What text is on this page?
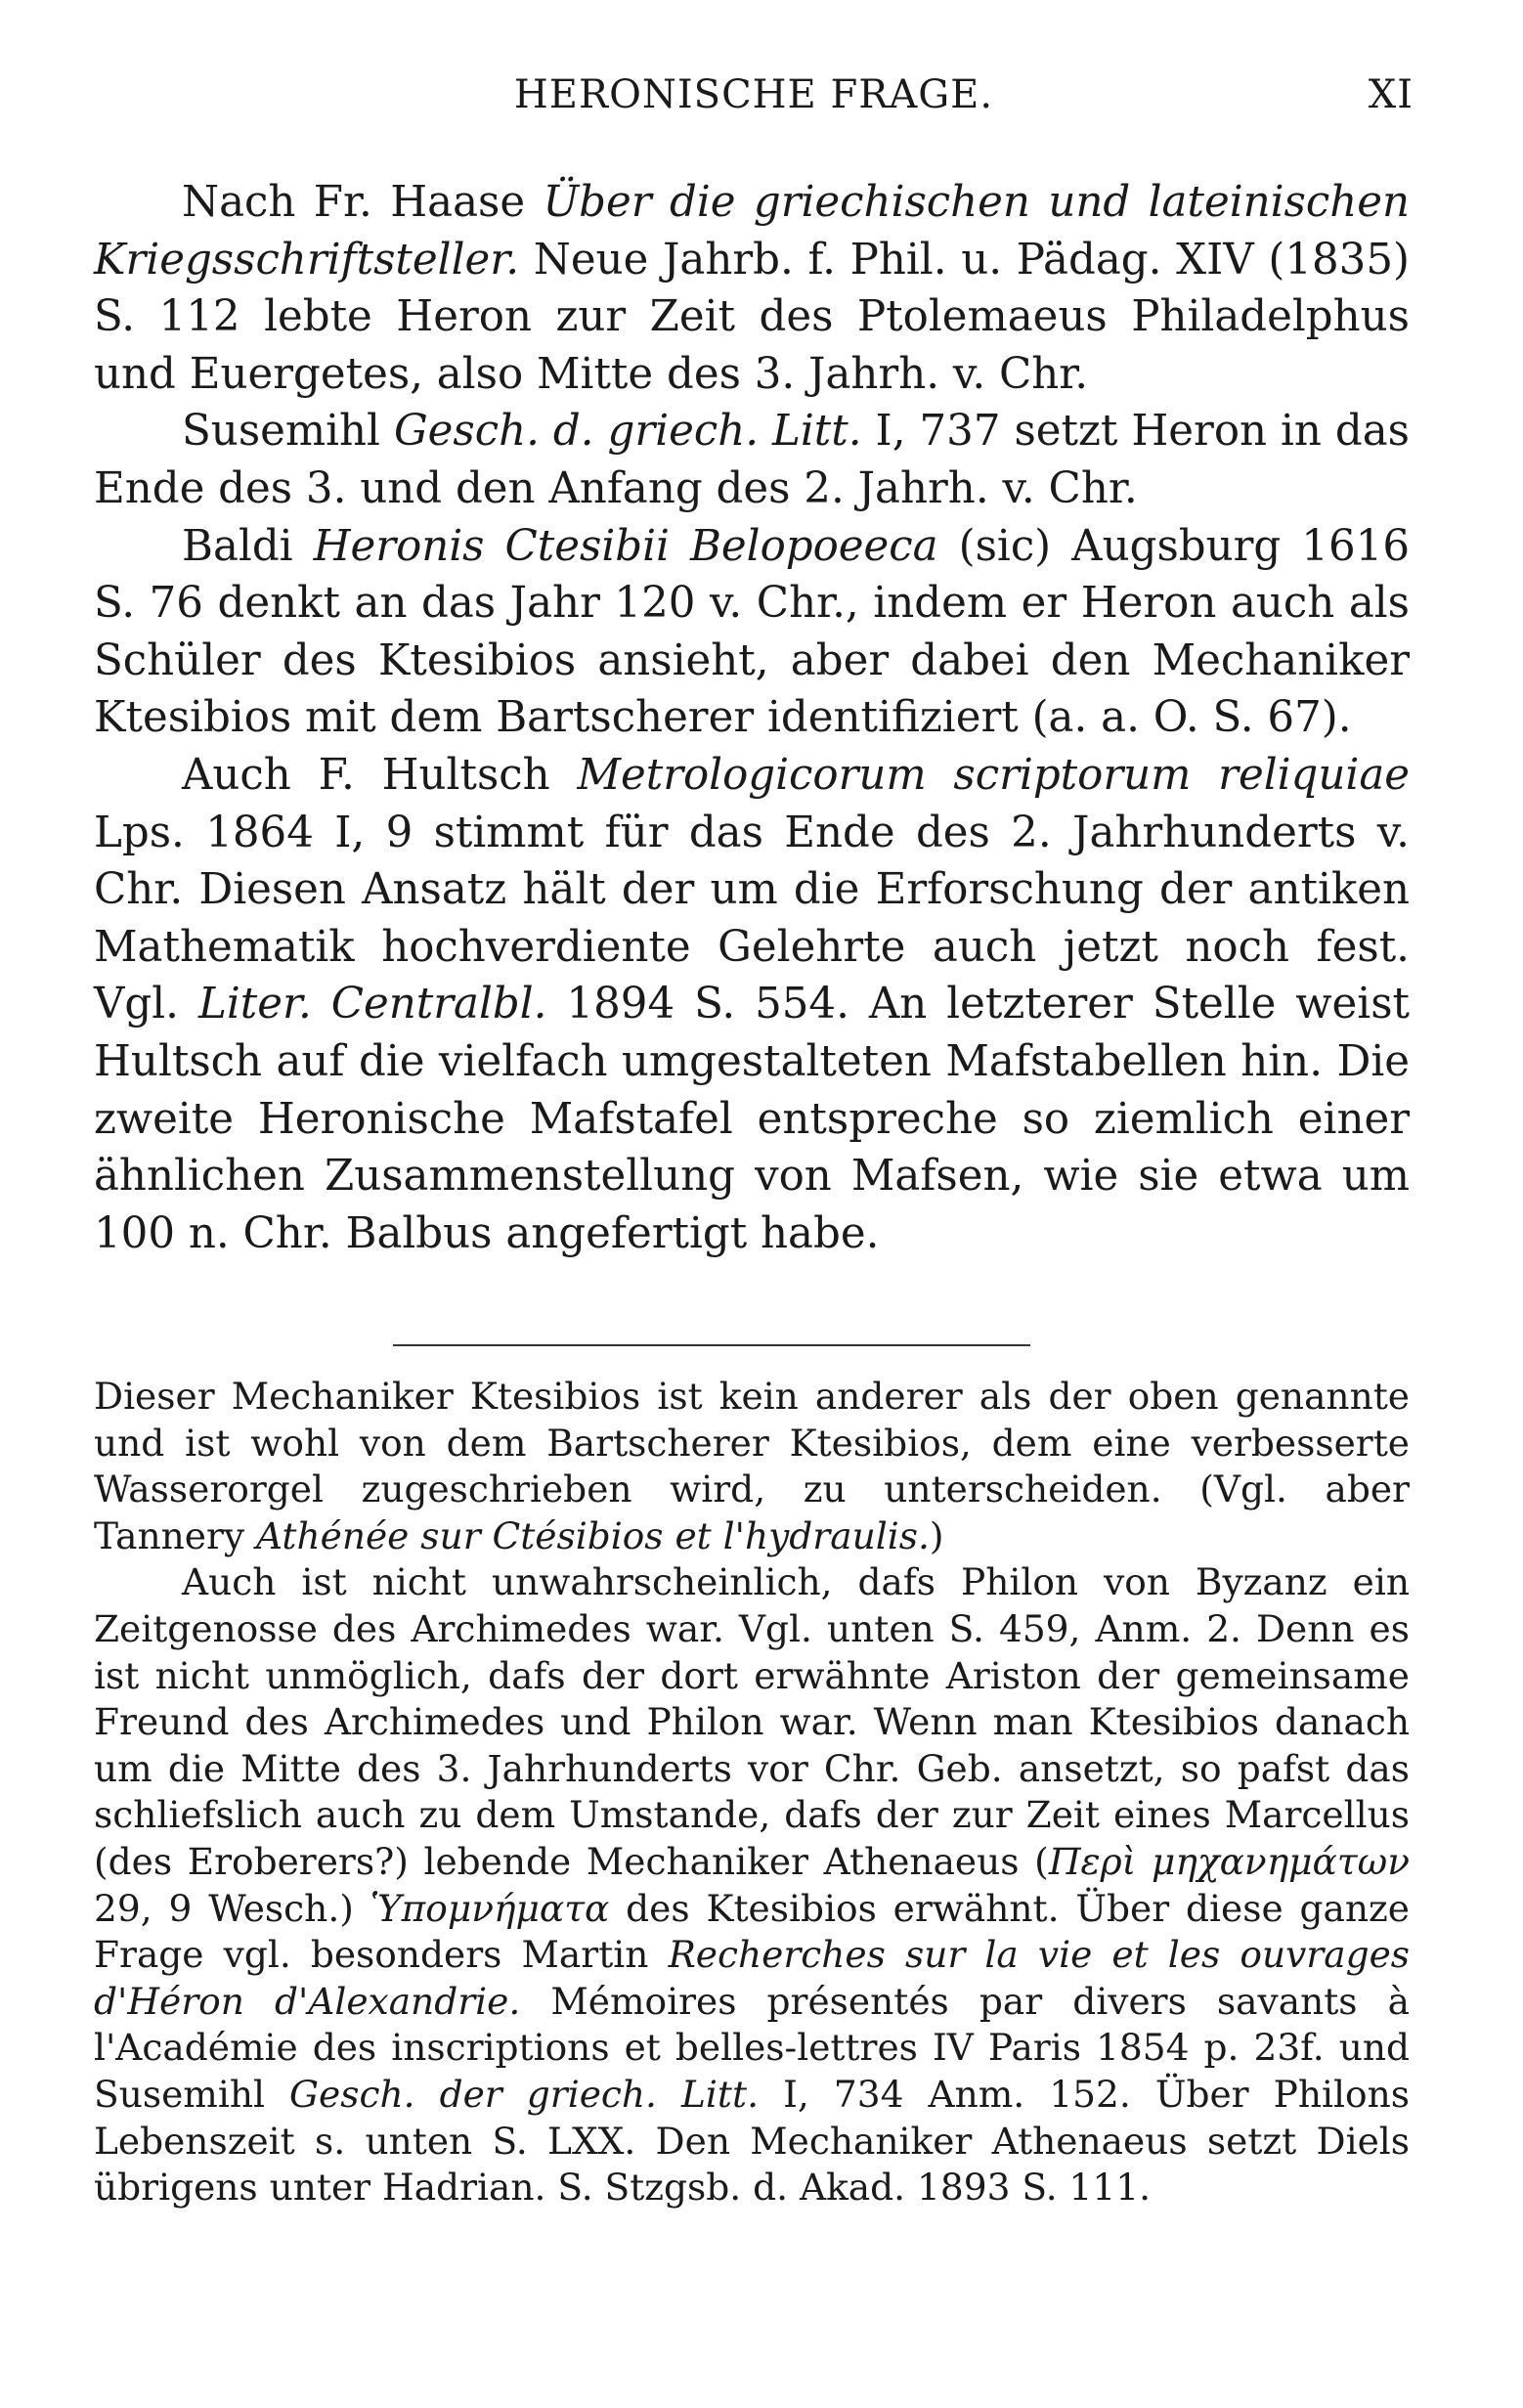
HERONISCHE FRAGE.	XI

Nach Fr. Haase Über die griechischen und lateinischen Kriegsschriftsteller. Neue Jahrb. f. Phil. u. Pädag. XIV (1835) S. 112 lebte Heron zur Zeit des Ptolemaeus Philadelphus und Euergetes, also Mitte des 3. Jahrh. v. Chr.

Susemihl Gesch. d. griech. Litt. I, 737 setzt Heron in das Ende des 3. und den Anfang des 2. Jahrh. v. Chr.

Baldi Heronis Ctesibii Belopoeeca (sic) Augsburg 1616 S. 76 denkt an das Jahr 120 v. Chr., indem er Heron auch als Schüler des Ktesibios ansieht, aber dabei den Mechaniker Ktesibios mit dem Bartscherer identifiziert (a. a. O. S. 67).

Auch F. Hultsch Metrologicorum scriptorum reliquiae Lps. 1864 I, 9 stimmt für das Ende des 2. Jahrhunderts v. Chr. Diesen Ansatz hält der um die Erforschung der antiken Mathematik hochverdiente Gelehrte auch jetzt noch fest. Vgl. Liter. Centralbl. 1894 S. 554. An letzterer Stelle weist Hultsch auf die vielfach umgestalteten Mafstabellen hin. Die zweite Heronische Mafstafel entspreche so ziemlich einer ähnlichen Zusammenstellung von Mafsen, wie sie etwa um 100 n. Chr. Balbus angefertigt habe.

Dieser Mechaniker Ktesibios ist kein anderer als der oben genannte und ist wohl von dem Bartscherer Ktesibios, dem eine verbesserte Wasserorgel zugeschrieben wird, zu unterscheiden. (Vgl. aber Tannery Athénée sur Ctésibios et l'hydraulis.)

Auch ist nicht unwahrscheinlich, dafs Philon von Byzanz ein Zeitgenosse des Archimedes war. Vgl. unten S. 459, Anm. 2. Denn es ist nicht unmöglich, dafs der dort erwähnte Ariston der gemeinsame Freund des Archimedes und Philon war. Wenn man Ktesibios danach um die Mitte des 3. Jahrhunderts vor Chr. Geb. ansetzt, so pafst das schliefslich auch zu dem Umstande, dafs der zur Zeit eines Marcellus (des Eroberers?) lebende Mechaniker Athenaeus (Περὶ μηχανημάτων 29, 9 Wesch.) Ὑπομνήματα des Ktesibios erwähnt. Über diese ganze Frage vgl. besonders Martin Recherches sur la vie et les ouvrages d'Héron d'Alexandrie. Mémoires présentés par divers savants à l'Académie des inscriptions et belles-lettres IV Paris 1854 p. 23f. und Susemihl Gesch. der griech. Litt. I, 734 Anm. 152. Über Philons Lebenszeit s. unten S. LXX. Den Mechaniker Athenaeus setzt Diels übrigens unter Hadrian. S. Stzgsb. d. Akad. 1893 S. 111.
